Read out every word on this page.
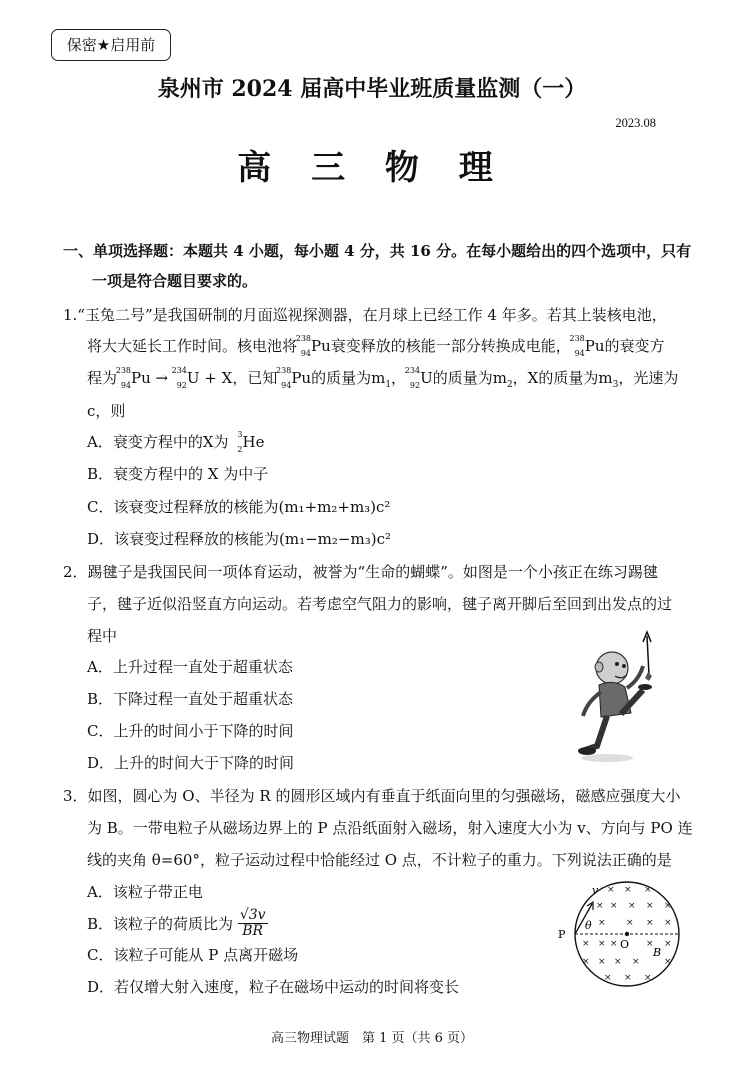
保密★启用前
泉州市 2024 届高中毕业班质量监测（一）
2023.08
高 三 物 理
一、单项选择题：本题共 4 小题，每小题 4 分，共 16 分。在每小题给出的四个选项中，只有
一项是符合题目要求的。
1.“玉兔二号”是我国研制的月面巡视探测器，在月球上已经工作 4 年多。若其上装核电池，
将大大延长工作时间。核电池将
238
94 Pu衰变释放的核能一部分转换成电能，
238
94 Pu的衰变方
程为
238
94 Pu → 234
92 U + X，已知
238
94 Pu的质量为$m_1$，
234
92 U的质量为$m_2$，X的质量为$m_3$，光速为
c，则
A．衰变方程中的X为 3
2 He
B．衰变方程中的 X 为中子
C．该衰变过程释放的核能为(m₁+m₂+m₃)c²
D．该衰变过程释放的核能为(m₁−m₂−m₃)c²
2．踢毽子是我国民间一项体育运动，被誉为“生命的蝴蝶”。如图是一个小孩正在练习踢毽
子，毽子近似沿竖直方向运动。若考虑空气阻力的影响，毽子离开脚后至回到出发点的过
程中
A．上升过程一直处于超重状态
B．下降过程一直处于超重状态
C．上升的时间小于下降的时间
D．上升的时间大于下降的时间
3．如图，圆心为 O、半径为 R 的圆形区域内有垂直于纸面向里的匀强磁场，磁感应强度大小
为 B。一带电粒子从磁场边界上的 P 点沿纸面射入磁场，射入速度大小为 v、方向与 PO 连
线的夹角 θ=60°，粒子运动过程中恰能经过 O 点，不计粒子的重力。下列说法正确的是
A．该粒子带正电
B．该粒子的荷质比为 $\frac{√3v}{BR}$
C．该粒子可能从 P 点离开磁场
D．若仅增大射入速度，粒子在磁场中运动的时间将变长
× × ×
× × × × ×
× × × ×
× × ×	× ×
× × × ×	×
× × ×
v
θ
P
O
B
高三物理试题　第 1 页（共 6 页）
